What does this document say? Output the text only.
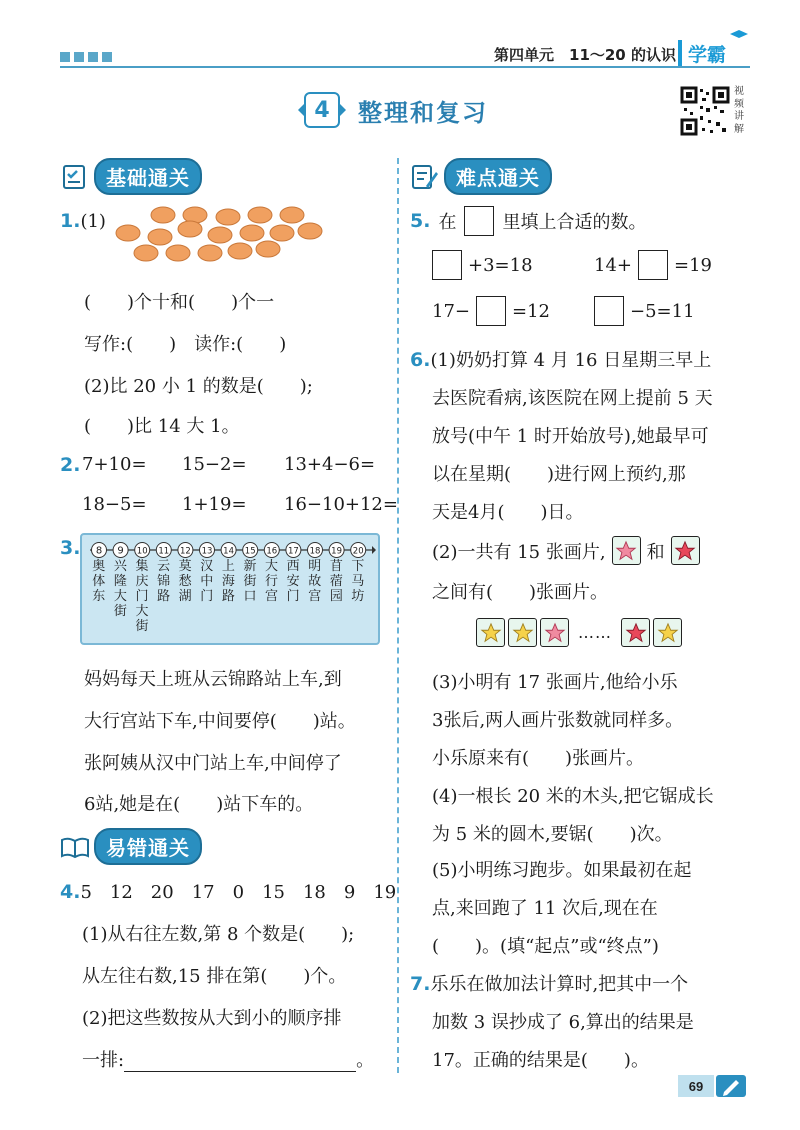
第四单元　11～20 的认识 学霸
4	整理和复习
视
频
讲
解
基础通关
1.(1)
(　　)个十和(　　)个一
写作:(　　)　读作:(　　)
(2)比 20 小 1 的数是(　　);
(　　)比 14 大 1。
2. 7+10= 15−2= 13+4−6=
18−5= 1+19= 16−10+12=
3. 8 9 10 11 12 13 14 15 16 17 18 19 20
奥
体
东
兴
隆
大
街
集
庆
门
大
街
云
锦
路
莫
愁
湖
汉
中
门
上
海
路
新
街
口
大
行
宫
西
安
门
明
故
宫
苜
蓿
园
下
马
坊
妈妈每天上班从云锦路站上车,到
大行宫站下车,中间要停(　　)站。
张阿姨从汉中门站上车,中间停了
6站,她是在(　　)站下车的。
易错通关
4.5　12　20　17　0　15　18　9　19
(1)从右往左数,第 8 个数是(　　);
从左往右数,15 排在第(　　)个。
(2)把这些数按从大到小的顺序排
一排:	。
难点通关
5. 在	里填上合适的数。
+3=18	14+ =19
17− =12	−5=11
6.(1)奶奶打算 4 月 16 日星期三早上
去医院看病,该医院在网上提前 5 天
放号(中午 1 时开始放号),她最早可
以在星期(　　)进行网上预约,那
天是4月(　　)日。
(2)一共有 15 张画片, 和
之间有(　　)张画片。
……
(3)小明有 17 张画片,他给小乐
3张后,两人画片张数就同样多。
小乐原来有(　　)张画片。
(4)一根长 20 米的木头,把它锯成长
为 5 米的圆木,要锯(　　)次。
(5)小明练习跑步。如果最初在起
点,来回跑了 11 次后,现在在
(　　)。(填“起点”或“终点”)
7.乐乐在做加法计算时,把其中一个
加数 3 误抄成了 6,算出的结果是
17。正确的结果是(　　)。
69
